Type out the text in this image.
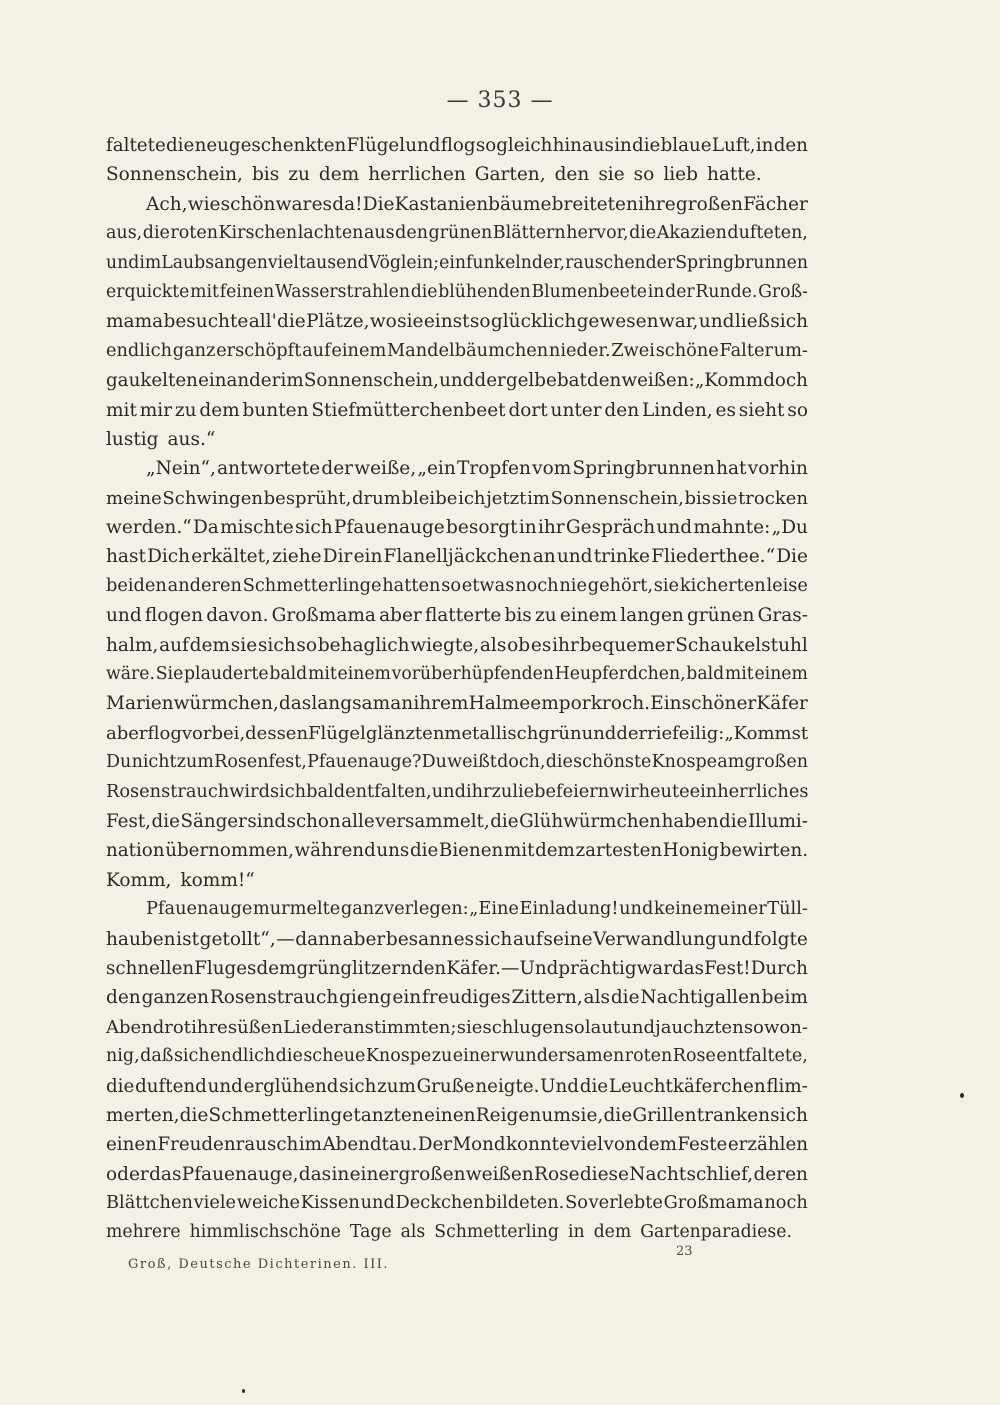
— 353 —
faltete die neugeschenkten Flügel und flog sogleich hinaus in die blaue Luft, in den
Sonnenschein, bis zu dem herrlichen Garten, den sie so lieb hatte.
Ach, wie schön war es da! Die Kastanienbäume breiteten ihre großen Fächer
aus, die roten Kirschen lachten aus den grünen Blättern hervor, die Akazien dufteten,
und im Laub sangen viel tausend Vöglein; ein funkelnder, rauschender Springbrunnen
erquickte mit feinen Wasserstrahlen die blühenden Blumenbeete in der Runde. Groß-
mama besuchte all' die Plätze, wo sie einst so glücklich gewesen war, und ließ sich
endlich ganz erschöpft auf einem Mandelbäumchen nieder. Zwei schöne Falter um-
gaukelten einander im Sonnenschein, und der gelbe bat den weißen: „Komm doch
mit mir zu dem bunten Stiefmütterchenbeet dort unter den Linden, es sieht so
lustig aus.“
„Nein“, antwortete der weiße, „ein Tropfen vom Springbrunnen hat vorhin
meine Schwingen besprüht, drum bleibe ich jetzt im Sonnenschein, bis sie trocken
werden.“ Da mischte sich Pfauenauge besorgt in ihr Gespräch und mahnte: „Du
hast Dich erkältet, ziehe Dir ein Flanelljäckchen an und trinke Fliederthee.“ Die
beiden anderen Schmetterlinge hatten so etwas noch nie gehört, sie kicherten leise
und flogen davon. Großmama aber flatterte bis zu einem langen grünen Gras-
halm, auf dem sie sich so behaglich wiegte, als ob es ihr bequemer Schaukelstuhl
wäre. Sie plauderte bald mit einem vorüberhüpfenden Heupferdchen, bald mit einem
Marienwürmchen, das langsam an ihrem Halme empor kroch. Ein schöner Käfer
aber flog vorbei, dessen Flügel glänzten metallisch grün und der rief eilig: „Kommst
Du nicht zum Rosenfest, Pfauenauge? Du weißt doch, die schönste Knospe am großen
Rosenstrauch wird sich bald entfalten, und ihr zuliebe feiern wir heute ein herrliches
Fest, die Sänger sind schon alle versammelt, die Glühwürmchen haben die Illumi-
nation übernommen, während uns die Bienen mit dem zartesten Honig bewirten.
Komm, komm!“
Pfauenauge murmelte ganz verlegen: „Eine Einladung! und keine meiner Tüll-
hauben ist getollt“, — dann aber besann es sich auf seine Verwandlung und folgte
schnellen Fluges dem grünglitzernden Käfer. — Und prächtig war das Fest! Durch
den ganzen Rosenstrauch gieng ein freudiges Zittern, als die Nachtigallen beim
Abendrot ihre süßen Lieder anstimmten; sie schlugen so laut und jauchzten so won-
nig, daß sich endlich die scheue Knospe zu einer wundersamen roten Rose entfaltete,
die duftend und erglühend sich zum Gruße neigte. Und die Leuchtkäferchen flim-
merten, die Schmetterlinge tanzten einen Reigen um sie, die Grillen tranken sich
einen Freudenrausch im Abendtau. Der Mond konnte viel von dem Feste erzählen
oder das Pfauenauge, das in einer großen weißen Rose diese Nacht schlief, deren
Blättchen viele weiche Kissen und Deckchen bildeten. So verlebte Großmama noch
mehrere himmlischschöne Tage als Schmetterling in dem Gartenparadiese.
Groß, Deutsche Dichterinen. III.
23
